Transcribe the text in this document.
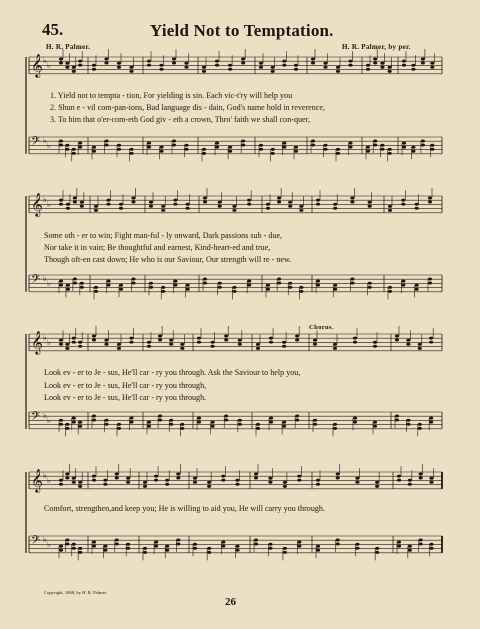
45.	Yield Not to Temptation.
H. R. Palmer.	H. R. Palmer, by per.
𝄞 ♭
♭
𝄢 ♭
♭
𝄞 ♭
♭
𝄢 ♭
♭
𝄞 ♭
♭
𝄢 ♭
♭
𝄞 ♭
♭
𝄢 ♭
♭
Chorus.
1. Yield not to tempta - tion, For yielding is sin. Each vic-t'ry will help you
2. Shun e - vil com-pan-ions, Bad language dis - dain, God's name hold in reverence,
3. To him that o'er-com-eth God giv - eth a crown, Thro' faith we shall con-quer,
Some oth - er to win; Fight man-ful - ly onward, Dark passions sub - due,
Nor take it in vain; Be thoughtful and earnest, Kind-heart-ed and true,
Though oft-en cast down; He who is our Saviour, Our strength will re - new.
Look ev - er to Je - sus, He'll car - ry you through. Ask the Saviour to help you,
Look ev - er to Je - sus, He'll car - ry you through,
Look ev - er to Je - sus, He'll car - ry you through.
Comfort, strengthen,and keep you; He is willing to aid you, He will carry you through.
Copyright, 1868, by H. R. Palmer
26
